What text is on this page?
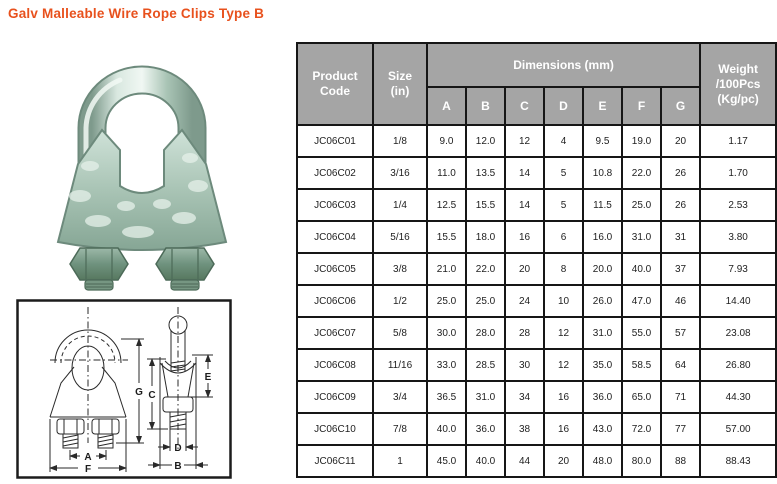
Galv Malleable Wire Rope Clips Type B
A
F
G C
E
D
B
Product
Code	Size
(in)	Dimensions (mm)							Weight
/100Pcs
(Kg/pc)

		A	B	C	D	E	F	G	
JC06C01	1/8	9.0	12.0	12	4	9.5	19.0	20	1.17
JC06C02	3/16	11.0	13.5	14	5	10.8	22.0	26	1.70
JC06C03	1/4	12.5	15.5	14	5	11.5	25.0	26	2.53
JC06C04	5/16	15.5	18.0	16	6	16.0	31.0	31	3.80
JC06C05	3/8	21.0	22.0	20	8	20.0	40.0	37	7.93
JC06C06	1/2	25.0	25.0	24	10	26.0	47.0	46	14.40
JC06C07	5/8	30.0	28.0	28	12	31.0	55.0	57	23.08
JC06C08	11/16	33.0	28.5	30	12	35.0	58.5	64	26.80
JC06C09	3/4	36.5	31.0	34	16	36.0	65.0	71	44.30
JC06C10	7/8	40.0	36.0	38	16	43.0	72.0	77	57.00
JC06C11	1	45.0	40.0	44	20	48.0	80.0	88	88.43
